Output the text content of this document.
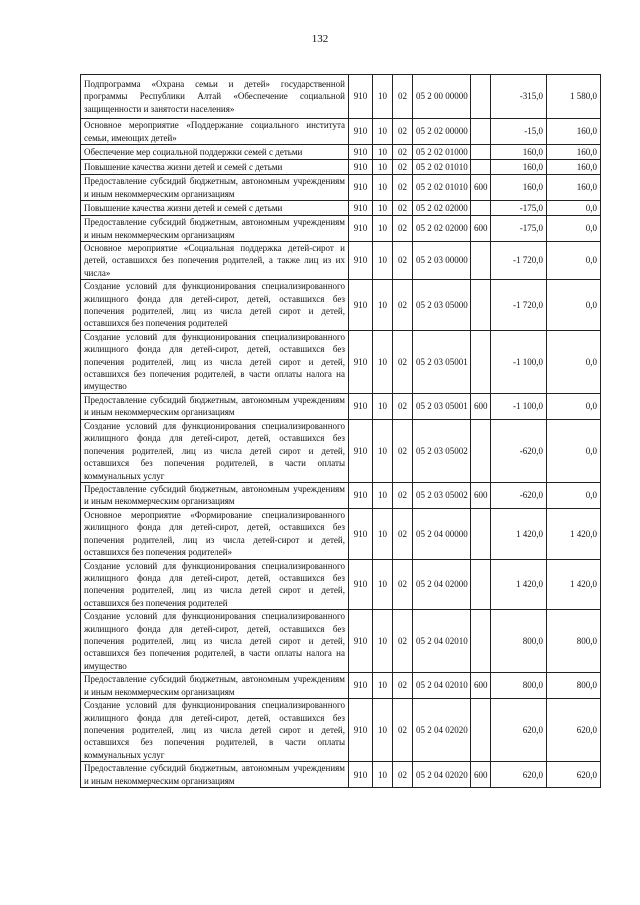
132
Подпрограмма «Охрана семьи и детей» государственной программы Республики Алтай «Обеспечение социальной защищенности и занятости населения»	910	10	02	05 2 00 00000		-315,0	1 580,0
Основное мероприятие «Поддержание социального института семьи, имеющих детей»	910	10	02	05 2 02 00000		-15,0	160,0
Обеспечение мер социальной поддержки семей с детьми	910	10	02	05 2 02 01000		160,0	160,0
Повышение качества жизни детей и семей с детьми	910	10	02	05 2 02 01010		160,0	160,0
Предоставление субсидий бюджетным, автономным учреждениям и иным некоммерческим организациям	910	10	02	05 2 02 01010	600	160,0	160,0
Повышение качества жизни детей и семей с детьми	910	10	02	05 2 02 02000		-175,0	0,0
Предоставление субсидий бюджетным, автономным учреждениям и иным некоммерческим организациям	910	10	02	05 2 02 02000	600	-175,0	0,0
Основное мероприятие «Социальная поддержка детей-сирот и детей, оставшихся без попечения родителей, а также лиц из их числа»	910	10	02	05 2 03 00000		-1 720,0	0,0
Создание условий для функционирования специализированного жилищного фонда для детей-сирот, детей, оставшихся без попечения родителей, лиц из числа детей сирот и детей, оставшихся без попечения родителей	910	10	02	05 2 03 05000		-1 720,0	0,0
Создание условий для функционирования специализированного жилищного фонда для детей-сирот, детей, оставшихся без попечения родителей, лиц из числа детей сирот и детей, оставшихся без попечения родителей, в части оплаты налога на имущество	910	10	02	05 2 03 05001		-1 100,0	0,0
Предоставление субсидий бюджетным, автономным учреждениям и иным некоммерческим организациям	910	10	02	05 2 03 05001	600	-1 100,0	0,0
Создание условий для функционирования специализированного жилищного фонда для детей-сирот, детей, оставшихся без попечения родителей, лиц из числа детей сирот и детей, оставшихся без попечения родителей, в части оплаты коммунальных услуг	910	10	02	05 2 03 05002		-620,0	0,0
Предоставление субсидий бюджетным, автономным учреждениям и иным некоммерческим организациям	910	10	02	05 2 03 05002	600	-620,0	0,0
Основное мероприятие «Формирование специализированного жилищного фонда для детей-сирот, детей, оставшихся без попечения родителей, лиц из числа детей-сирот и детей, оставшихся без попечения родителей»	910	10	02	05 2 04 00000		1 420,0	1 420,0
Создание условий для функционирования специализированного жилищного фонда для детей-сирот, детей, оставшихся без попечения родителей, лиц из числа детей сирот и детей, оставшихся без попечения родителей	910	10	02	05 2 04 02000		1 420,0	1 420,0
Создание условий для функционирования специализированного жилищного фонда для детей-сирот, детей, оставшихся без попечения родителей, лиц из числа детей сирот и детей, оставшихся без попечения родителей, в части оплаты налога на имущество	910	10	02	05 2 04 02010		800,0	800,0
Предоставление субсидий бюджетным, автономным учреждениям и иным некоммерческим организациям	910	10	02	05 2 04 02010	600	800,0	800,0
Создание условий для функционирования специализированного жилищного фонда для детей-сирот, детей, оставшихся без попечения родителей, лиц из числа детей сирот и детей, оставшихся без попечения родителей, в части оплаты коммунальных услуг	910	10	02	05 2 04 02020		620,0	620,0
Предоставление субсидий бюджетным, автономным учреждениям и иным некоммерческим организациям	910	10	02	05 2 04 02020	600	620,0	620,0
